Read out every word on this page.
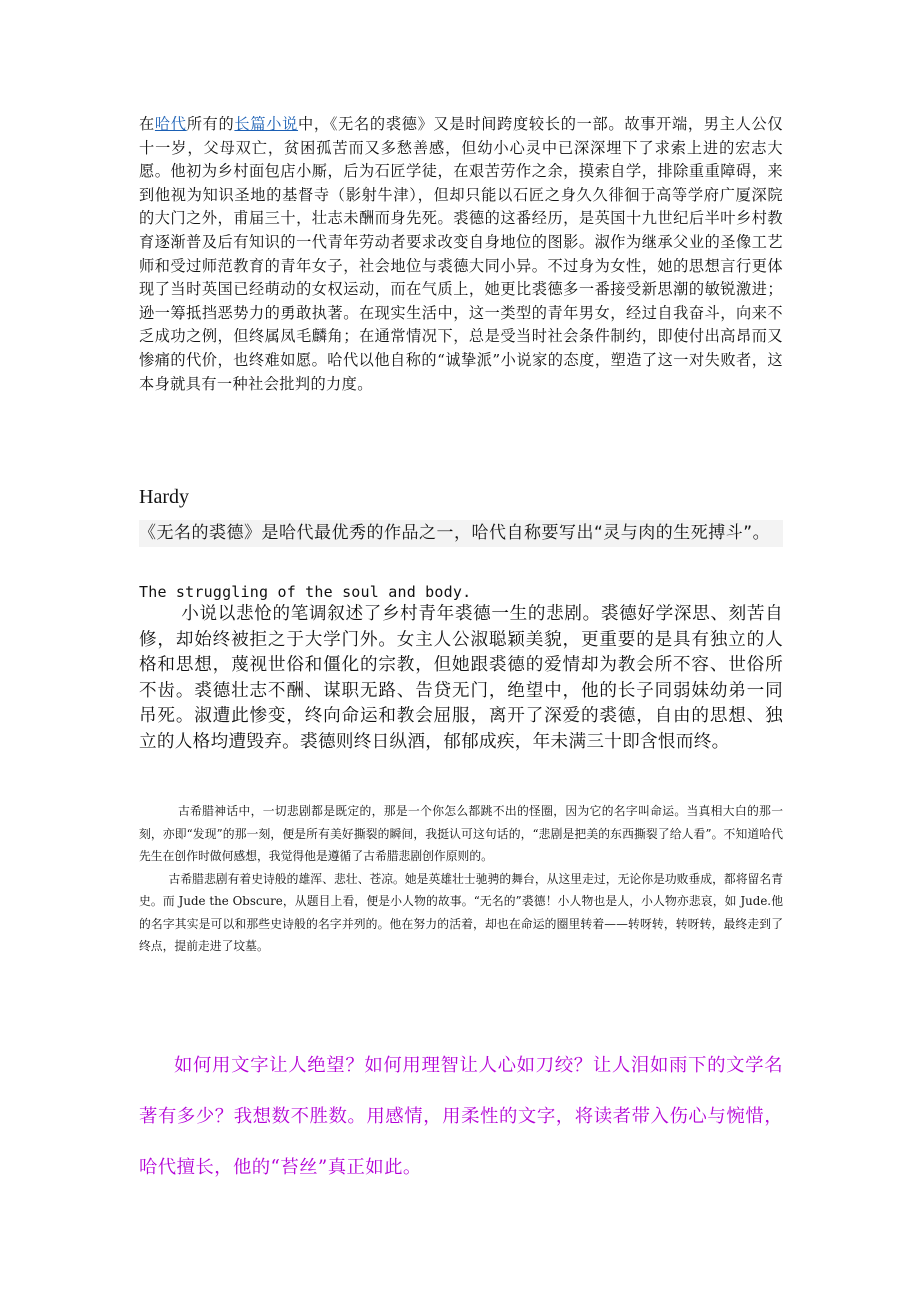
在哈代所有的长篇小说中，《无名的裘德》又是时间跨度较长的一部。故事开端，男主人公仅十一岁，父母双亡，贫困孤苦而又多愁善感，但幼小心灵中已深深埋下了求索上进的宏志大愿。他初为乡村面包店小厮，后为石匠学徒，在艰苦劳作之余，摸索自学，排除重重障碍，来到他视为知识圣地的基督寺（影射牛津），但却只能以石匠之身久久徘徊于高等学府广厦深院的大门之外，甫届三十，壮志未酬而身先死。裘德的这番经历，是英国十九世纪后半叶乡村教育逐渐普及后有知识的一代青年劳动者要求改变自身地位的图影。淑作为继承父业的圣像工艺师和受过师范教育的青年女子，社会地位与裘德大同小异。不过身为女性，她的思想言行更体现了当时英国已经萌动的女权运动，而在气质上，她更比裘德多一番接受新思潮的敏锐激进；逊一筹抵挡恶势力的勇敢执著。在现实生活中，这一类型的青年男女，经过自我奋斗，向来不乏成功之例，但终属凤毛麟角；在通常情况下，总是受当时社会条件制约，即使付出高昂而又惨痛的代价，也终难如愿。哈代以他自称的“诚挚派”小说家的态度，塑造了这一对失败者，这本身就具有一种社会批判的力度。

Hardy
《无名的裘德》是哈代最优秀的作品之一，哈代自称要写出“灵与肉的生死搏斗”。
The struggling of the soul and body.

小说以悲怆的笔调叙述了乡村青年裘德一生的悲剧。裘德好学深思、刻苦自修，却始终被拒之于大学门外。女主人公淑聪颖美貌，更重要的是具有独立的人格和思想，蔑视世俗和僵化的宗教，但她跟裘德的爱情却为教会所不容、世俗所不齿。裘德壮志不酬、谋职无路、告贷无门，绝望中，他的长子同弱妹幼弟一同吊死。淑遭此惨变，终向命运和教会屈服，离开了深爱的裘德，自由的思想、独立的人格均遭毁弃。裘德则终日纵酒，郁郁成疾，年未满三十即含恨而终。

古希腊神话中，一切悲剧都是既定的，那是一个你怎么都跳不出的怪圈，因为它的名字叫命运。当真相大白的那一刻，亦即“发现”的那一刻，便是所有美好撕裂的瞬间，我挺认可这句话的，“悲剧是把美的东西撕裂了给人看”。不知道哈代先生在创作时做何感想，我觉得他是遵循了古希腊悲剧创作原则的。

古希腊悲剧有着史诗般的雄浑、悲壮、苍凉。她是英雄壮士驰骋的舞台，从这里走过，无论你是功败垂成，都将留名青史。而 Jude the Obscure，从题目上看，便是小人物的故事。“无名的”裘德！小人物也是人，小人物亦悲哀，如 Jude.他的名字其实是可以和那些史诗般的名字并列的。他在努力的活着，却也在命运的圈里转着——转呀转，转呀转，最终走到了终点，提前走进了坟墓。

如何用文字让人绝望？如何用理智让人心如刀绞？让人泪如雨下的文学名著有多少？我想数不胜数。用感情，用柔性的文字，将读者带入伤心与惋惜，哈代擅长，他的“苔丝”真正如此。
